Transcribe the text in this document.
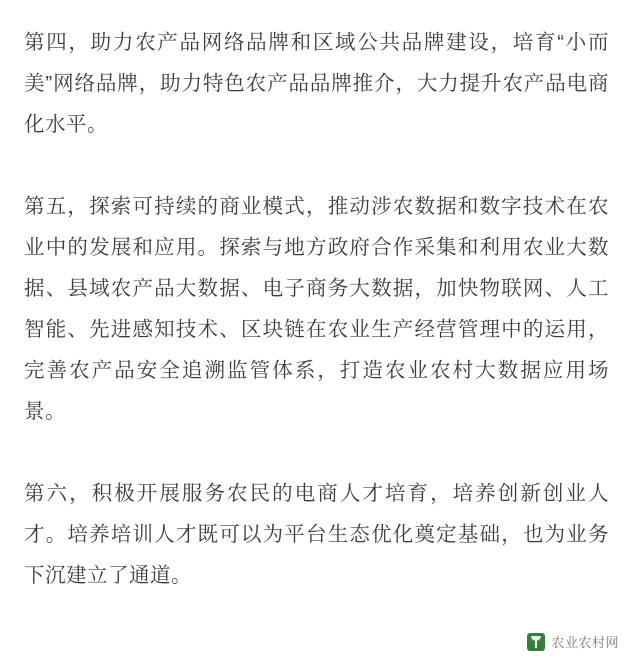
第四，助力农产品网络品牌和区域公共品牌建设，培育“小而美”网络品牌，助力特色农产品品牌推介，大力提升农产品电商化水平。

第五，探索可持续的商业模式，推动涉农数据和数字技术在农业中的发展和应用。探索与地方政府合作采集和利用农业大数据、县域农产品大数据、电子商务大数据，加快物联网、人工智能、先进感知技术、区块链在农业生产经营管理中的运用，完善农产品安全追溯监管体系，打造农业农村大数据应用场景。

第六，积极开展服务农民的电商人才培育，培养创新创业人才。培养培训人才既可以为平台生态优化奠定基础，也为业务下沉建立了通道。

农业农村网
